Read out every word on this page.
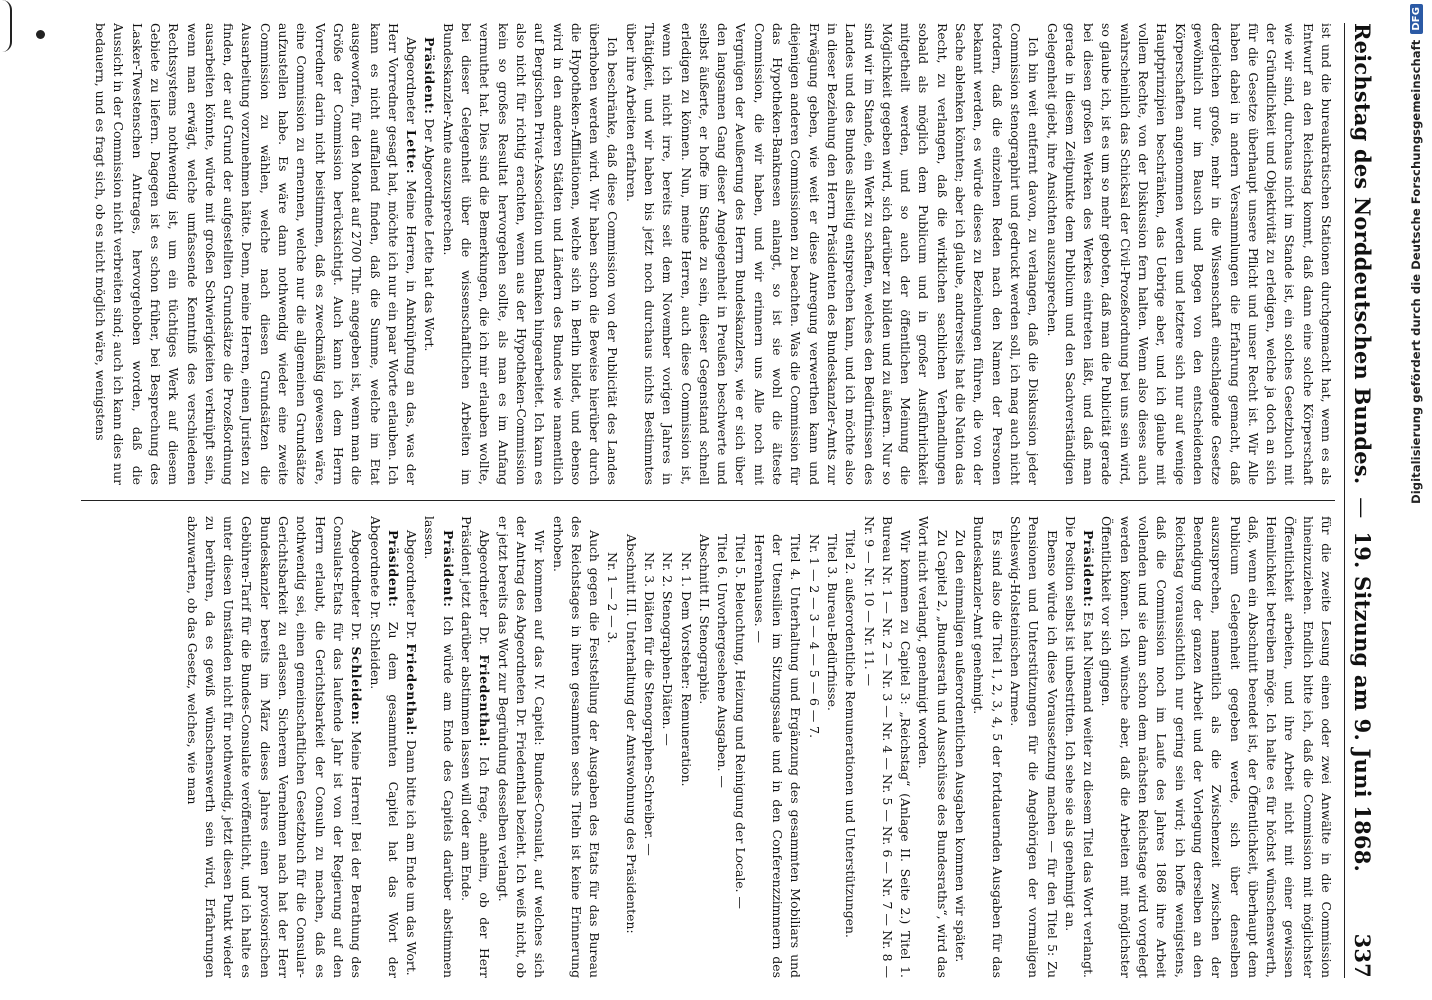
Reichstag des Norddeutschen Bundes. — 19. Sitzung am 9. Juni 1868.
337

ist und die bureaukratischen Stationen durchgemacht hat, wenn es als Entwurf an den Reichstag kommt, daß dann eine solche Körperschaft wie wir sind, durchaus nicht im Stande ist, ein solches Gesetzbuch mit der Gründlichkeit und Objektivität zu erledigen, welche ja doch an sich für die Gesetze überhaupt unsere Pflicht und unser Recht ist. Wir Alle haben dabei in andern Versammlungen die Erfahrung gemacht, daß dergleichen große, mehr in die Wissenschaft einschlagende Gesetze gewöhnlich nur im Bausch und Bogen von den entscheidenden Körperschaften angenommen werden und letztere sich nur auf wenige Hauptprinzipien beschränken, das Uebrige aber, und ich glaube mit vollem Rechte, von der Diskussion fern halten. Wenn also dieses auch wahrscheinlich das Schicksal der Civil-Prozeßordnung bei uns sein wird, so glaube ich, ist es um so mehr geboten, daß man die Publicität gerade bei diesen großen Werken des Werkes eintreten läßt, und daß man gerade in diesem Zeitpunkte dem Publicum und den Sachverständigen Gelegenheit giebt, ihre Ansichten auszusprechen.

Ich bin weit entfernt davon, zu verlangen, daß die Diskussion jeder Commission stenographirt und gedruckt werden soll, ich mag auch nicht fordern, daß die einzelnen Reden nach den Namen der Personen bekannt werden, es würde dieses zu Beziehungen führen, die von der Sache ablenken könnten; aber ich glaube, andrerseits hat die Nation das Recht, zu verlangen, daß die wirklichen sachlichen Verhandlungen sobald als möglich dem Publicum und in großer Ausführlichkeit mitgetheilt werden, und so auch der öffentlichen Meinung die Möglichkeit gegeben wird, sich darüber zu bilden und zu äußern. Nur so sind wir im Stande, ein Werk zu schaffen, welches den Bedürfnissen des Landes und des Bundes allseitig entsprechen kann, und ich möchte also in dieser Beziehung den Herrn Präsidenten des Bundeskanzler-Amts zur Erwägung geben, wie weit er diese Anregung verwerthen kann und diejenigen anderen Commissionen zu beachten. Was die Commission für das Hypotheken-Banknesen anlangt, so ist sie wohl die älteste Commission, die wir haben, und wir erinnern uns Alle noch mit Vergnügen der Aeußerung des Herrn Bundeskanzlers, wie er sich über den langsamen Gang dieser Angelegenheit in Preußen beschwerte und selbst äußerte, er hoffe im Stande zu sein, dieser Gegenstand schnell erledigen zu können. Nun, meine Herren, auch diese Commission ist, wenn ich nicht irre, bereits seit dem November vorigen Jahres in Thätigkeit, und wir haben bis jetzt noch durchaus nichts Bestimmtes über ihre Arbeiten erfahren.

Ich beschränke, daß diese Commission von der Publicität des Landes überhoben werden wird. Wir haben schon die Beweise hierüber durch die Hypotheken-Affiliationen, welche sich in Berlin bildet, und ebenso wird in den anderen Städten und Ländern des Bundes wie namentlich auf Bergischen Privat-Association und Banken hingearbeitet. Ich kann es also nicht für richtig erachten, wenn aus der Hypotheken-Commission kein so großes Resultat hervorgehen sollte, als man es im Anfang vermuthet hat. Dies sind die Bemerkungen, die ich mir erlauben wollte, bei dieser Gelegenheit über die wissenschaftlichen Arbeiten im Bundeskanzler-Amte auszusprechen.

Präsident: Der Abgeordnete Lette hat das Wort.

Abgeordneter Lette: Meine Herren, in Anknüpfung an das, was der Herr Vorredner gesagt hat, möchte ich nur ein paar Worte erlauben. Ich kann es nicht auffallend finden, daß die Summe, welche im Etat ausgeworfen, für den Monat auf 2700 Thlr. angegeben ist, wenn man die Größe der Commission berücksichtigt. Auch kann ich dem Herrn Vorredner darin nicht beistimmen, daß es zweckmäßig gewesen wäre, eine Commission zu ernennen, welche nur die allgemeinen Grundsätze aufzustellen habe. Es wäre dann nothwendig wieder eine zweite Commission zu wählen, welche nach diesen Grundsätzen die Ausarbeitung vorzunehmen hätte. Denn, meine Herren, einen Juristen zu finden, der auf Grund der aufgestellten Grundsätze die Prozeßordnung ausarbeiten könnte, würde mit großen Schwierigkeiten verknüpft sein, wenn man erwägt, welche umfassende Kenntniß des verschiedenen Rechtssystems nothwendig ist, um ein tüchtiges Werk auf diesem Gebiete zu liefern. Dagegen ist es schon früher, bei Besprechung des Lasker-Twestenschen Antrages, hervorgehoben worden, daß die Aussicht in der Commission nicht verbreiten sind; auch ich kann dies nur bedauern, und es fragt sich, ob es nicht möglich wäre, wenigstens

für die zweite Lesung einen oder zwei Anwälte in die Commission hineinzuziehen. Endlich bitte ich, daß die Commission mit möglichster Öffentlichkeit arbeiten, und ihre Arbeit nicht mit einer gewissen Heimlichkeit betreiben möge. Ich halte es für höchst wünschenswerth, daß, wenn ein Abschnitt beendet ist, der Öffentlichkeit, überhaupt dem Publicum Gelegenheit gegeben werde, sich über denselben auszusprechen, namentlich als die Zwischenzeit zwischen der Beendigung der ganzen Arbeit und der Vorlegung derselben an den Reichstag voraussichtlich nur gering sein wird; ich hoffe wenigstens, daß die Commission noch im Laufe des Jahres 1868 ihre Arbeit vollenden und sie dann schon dem nächsten Reichstage wird vorgelegt werden können. Ich wünsche aber, daß die Arbeiten mit möglichster Öffentlichkeit vor sich gingen.

Präsident: Es hat Niemand weiter zu diesem Titel das Wort verlangt. Die Position selbst ist unbestritten. Ich sehe sie als genehmigt an.

Ebenso würde ich diese Voraussetzung machen — für den Titel 5: Zu Pensionen und Unterstützungen für die Angehörigen der vormaligen Schleswig-Holsteinischen Armee.

Es sind also die Titel 1, 2, 3, 4, 5 der fortdauernden Ausgaben für das Bundeskanzler-Amt genehmigt.

Zu den einmaligen außerordentlichen Ausgaben kommen wir später.

Zu Capitel 2, „Bundesrath und Ausschüsse des Bundesraths“, wird das Wort nicht verlangt, genehmigt worden.

Wir kommen zu Capitel 3: „Reichstag“ (Anlage II. Seite 2.) Titel 1. Bureau Nr. 1 — Nr. 2 — Nr. 3 — Nr. 4 — Nr. 5 — Nr. 6 — Nr. 7 — Nr. 8 — Nr. 9 — Nr. 10 — Nr. 11. —

Titel 2. außerordentliche Remunerationen und Unterstützungen.

Titel 3. Bureau-Bedürfnisse.

Nr. 1 — 2 — 3 — 4 — 5 — 6 — 7.

Titel 4. Unterhaltung und Ergänzung des gesammten Mobiliars und der Utensilien im Sitzungssaale und in den Conferenzzimmern des Herrenhauses. —

Titel 5. Beleuchtung, Heizung und Reinigung der Locale. —

Titel 6. Unvorhergesehene Ausgaben. —

Abschnitt II. Stenographie.

Nr. 1. Dem Vorsteher: Remuneration.

Nr. 2. Stenographen-Diäten. —

Nr. 3. Diäten für die Stenographen-Schreiber. —

Abschnitt III. Unterhaltung der Amtswohnung des Präsidenten:

Nr. 1 — 2 — 3.

Auch gegen die Feststellung der Ausgaben des Etats für das Bureau des Reichstages in ihren gesammten sechs Titeln ist keine Erinnerung erhoben.

Wir kommen auf das IV. Capitel: Bundes-Consulat, auf welches sich der Antrag des Abgeordneten Dr. Friedenthal bezieht. Ich weiß nicht, ob er jetzt bereits das Wort zur Begründung desselben verlangt.

Abgeordneter Dr. Friedenthal: Ich frage, anheim, ob der Herr Präsident jetzt darüber abstimmen lassen will oder am Ende.

Präsident: Ich würde am Ende des Capitels darüber abstimmen lassen.

Abgeordneter Dr. Friedenthal: Dann bitte ich am Ende um das Wort.

Präsident: Zu dem gesammten Capitel hat das Wort der Abgeordnete Dr. Schleiden.

Abgeordneter Dr. Schleiden: Meine Herren! Bei der Berathung des Consulats-Etats für das laufende Jahr ist von der Regierung auf den Herrn erlaubt, die Gerichtsbarkeit der Consuln zu machen, daß es nothwendig sei, einen gemeinschaftlichen Gesetzbuch für die Consular-Gerichtsbarkeit zu erlassen. Sicherem Vernehmen nach hat der Herr Bundeskanzler bereits im März dieses Jahres einen provisorischen Gebühren-Tarif für die Bundes-Consulate veröffentlicht, und ich halte es unter diesen Umständen nicht für nothwendig, jetzt diesen Punkt wieder zu berühren, da es gewiß wünschenswerth sein wird, Erfahrungen abzuwarten, ob das Gesetz, welches, wie man

Digitalisierung gefördert durch die Deutsche Forschungsgemeinschaft
DFG
